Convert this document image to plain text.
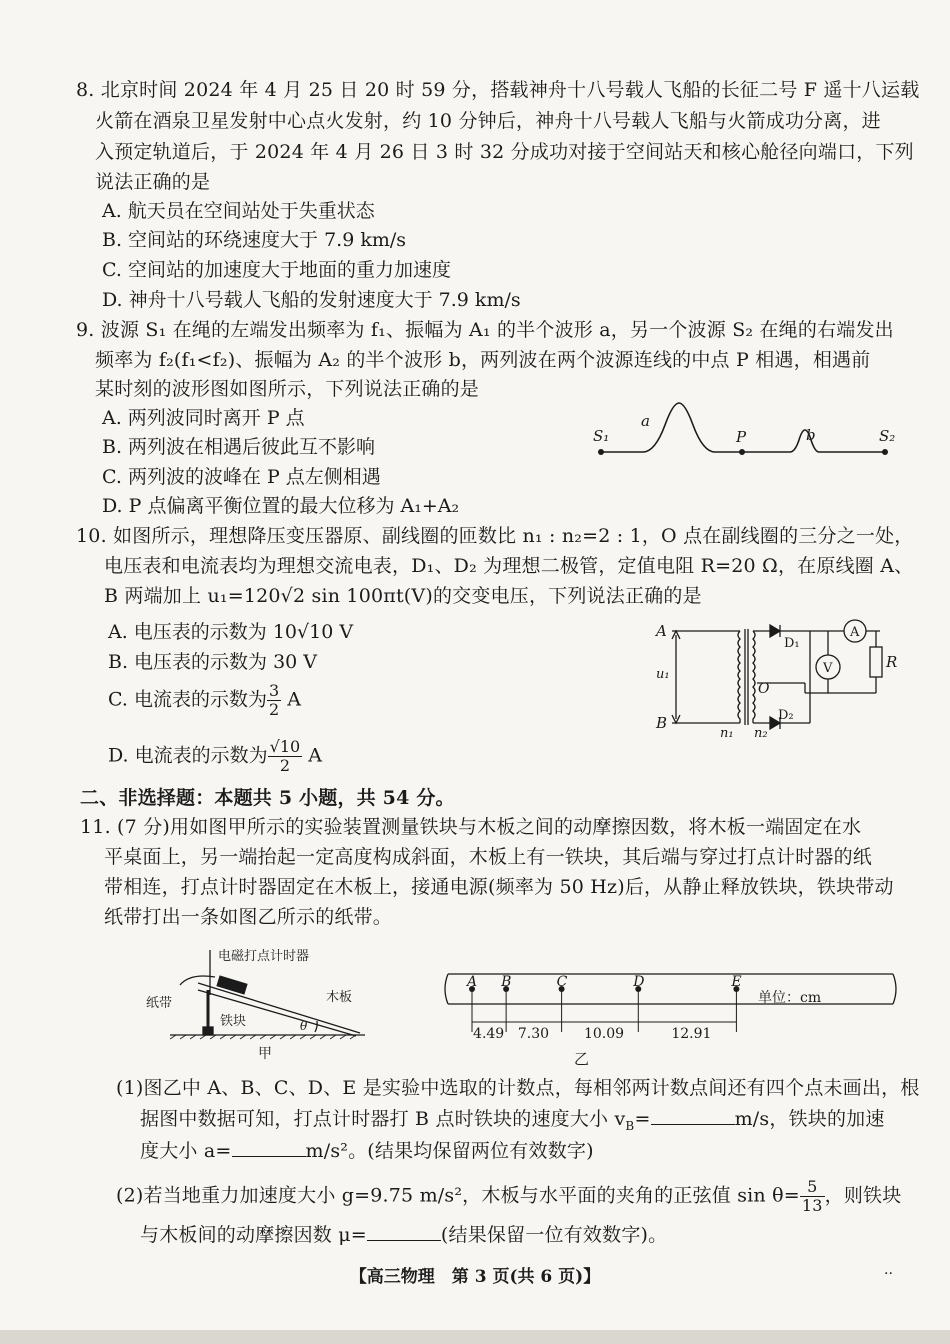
8. 北京时间 2024 年 4 月 25 日 20 时 59 分，搭载神舟十八号载人飞船的长征二号 F 遥十八运载
火箭在酒泉卫星发射中心点火发射，约 10 分钟后，神舟十八号载人飞船与火箭成功分离，进
入预定轨道后，于 2024 年 4 月 26 日 3 时 32 分成功对接于空间站天和核心舱径向端口，下列
说法正确的是
A. 航天员在空间站处于失重状态
B. 空间站的环绕速度大于 7.9 km/s
C. 空间站的加速度大于地面的重力加速度
D. 神舟十八号载人飞船的发射速度大于 7.9 km/s
9. 波源 S₁ 在绳的左端发出频率为 f₁、振幅为 A₁ 的半个波形 a，另一个波源 S₂ 在绳的右端发出
频率为 f₂(f₁<f₂)、振幅为 A₂ 的半个波形 b，两列波在两个波源连线的中点 P 相遇，相遇前
某时刻的波形图如图所示，下列说法正确的是
A. 两列波同时离开 P 点
B. 两列波在相遇后彼此互不影响
C. 两列波的波峰在 P 点左侧相遇
D. P 点偏离平衡位置的最大位移为 A₁+A₂
S₁
a
P	b	S₂
10. 如图所示，理想降压变压器原、副线圈的匝数比 n₁ : n₂=2 : 1，O 点在副线圈的三分之一处，
电压表和电流表均为理想交流电表，D₁、D₂ 为理想二极管，定值电阻 R=20 Ω，在原线圈 A、
B 两端加上 u₁=120√2 sin 100πt(V)的交变电压，下列说法正确的是
A. 电压表的示数为 10√10 V
B. 电压表的示数为 30 V
C. 电流表的示数为 $\frac{3}{2}$ A
D. 电流表的示数为 $\frac{√10}{2}$ A
A
B
u₁
n₁ n₂
O
D₁
D₂
A
V	R
二、非选择题：本题共 5 小题，共 54 分。
11. (7 分)用如图甲所示的实验装置测量铁块与木板之间的动摩擦因数，将木板一端固定在水
平桌面上，另一端抬起一定高度构成斜面，木板上有一铁块，其后端与穿过打点计时器的纸
带相连，打点计时器固定在木板上，接通电源(频率为 50 Hz)后，从静止释放铁块，铁块带动
纸带打出一条如图乙所示的纸带。
电磁打点计时器
纸带	木板
铁块	θ
甲
A B	C	D	E
4.49 7.30 10.09	12.91
乙
单位：cm
(1)图乙中 A、B、C、D、E 是实验中选取的计数点，每相邻两计数点间还有四个点未画出，根
据图中数据可知，打点计时器打 B 点时铁块的速度大小 $v_B=$	m/s，铁块的加速
度大小 a=	m/s²。(结果均保留两位有效数字)
(2)若当地重力加速度大小 g=9.75 m/s²，木板与水平面的夹角的正弦值 $\sin \theta= \frac{5}{13}$ ，则铁块
与木板间的动摩擦因数 μ=	(结果保留一位有效数字)。
【高三物理　第 3 页(共 6 页)】	..
